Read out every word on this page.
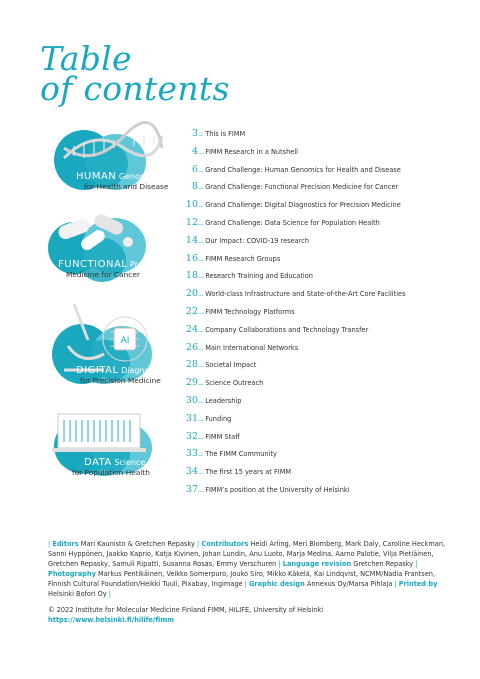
Table
of contents
3 ... This is FIMM
4 ... FIMM Research in a Nutshell
6 ... Grand Challenge: Human Genomics for Health and Disease
8 ... Grand Challenge: Functional Precision Medicine for Cancer
10 ... Grand Challenge: Digital Diagnostics for Precision Medicine
12 ... Grand Challenge: Data Science for Population Health
14 ... Our Impact: COVID-19 research
16 ... FIMM Research Groups
18 ... Research Training and Education
20 ... World-class Infrastructure and State-of-the-Art Core Facilities
22 ... FIMM Technology Platforms
24 ... Company Collaborations and Technology Transfer
26 ... Main International Networks
28 ... Societal Impact
29 ... Science Outreach
30 ... Leadership
31 ... Funding
32 ... FIMM Staff
33 ... The FIMM Community
34 ... The first 15 years at FIMM
37 ... FIMM’s position at the University of Helsinki
HUMAN Genomics
for Health and Disease
FUNCTIONAL Precision
Medicine for Cancer
AI
DIGITAL Diagnostics
for Precision Medicine
DATA Science
for Population Health
| Editors Mari Kaunisto & Gretchen Repasky | Contributors Heidi Arling, Meri Blomberg, Mark Daly, Caroline Heckman, Sanni Hyppönen, Jaakko Kaprio, Katja Kivinen, Johan Lundin, Anu Luoto, Marja Medina, Aarno Palotie, Vilja Pietiäinen, Gretchen Repasky, Samuli Ripatti, Susanna Rosas, Emmy Verschuren | Language revision Gretchen Repasky | Photography Markus Pentikäinen, Veikko Somerpuro, Jouko Siro, Mikko Käkelä, Kai Lindqvist, NCMM/Nadia Frantsen, Finnish Cultural Foundation/Heikki Tuuli, Pixabay, Ingimage | Graphic design Annexus Oy/Marsa Pihlaja | Printed by Helsinki Bofori Oy |
© 2022 Institute for Molecular Medicine Finland FIMM, HiLIFE, University of Helsinki
https://www.helsinki.fi/hilife/fimm
